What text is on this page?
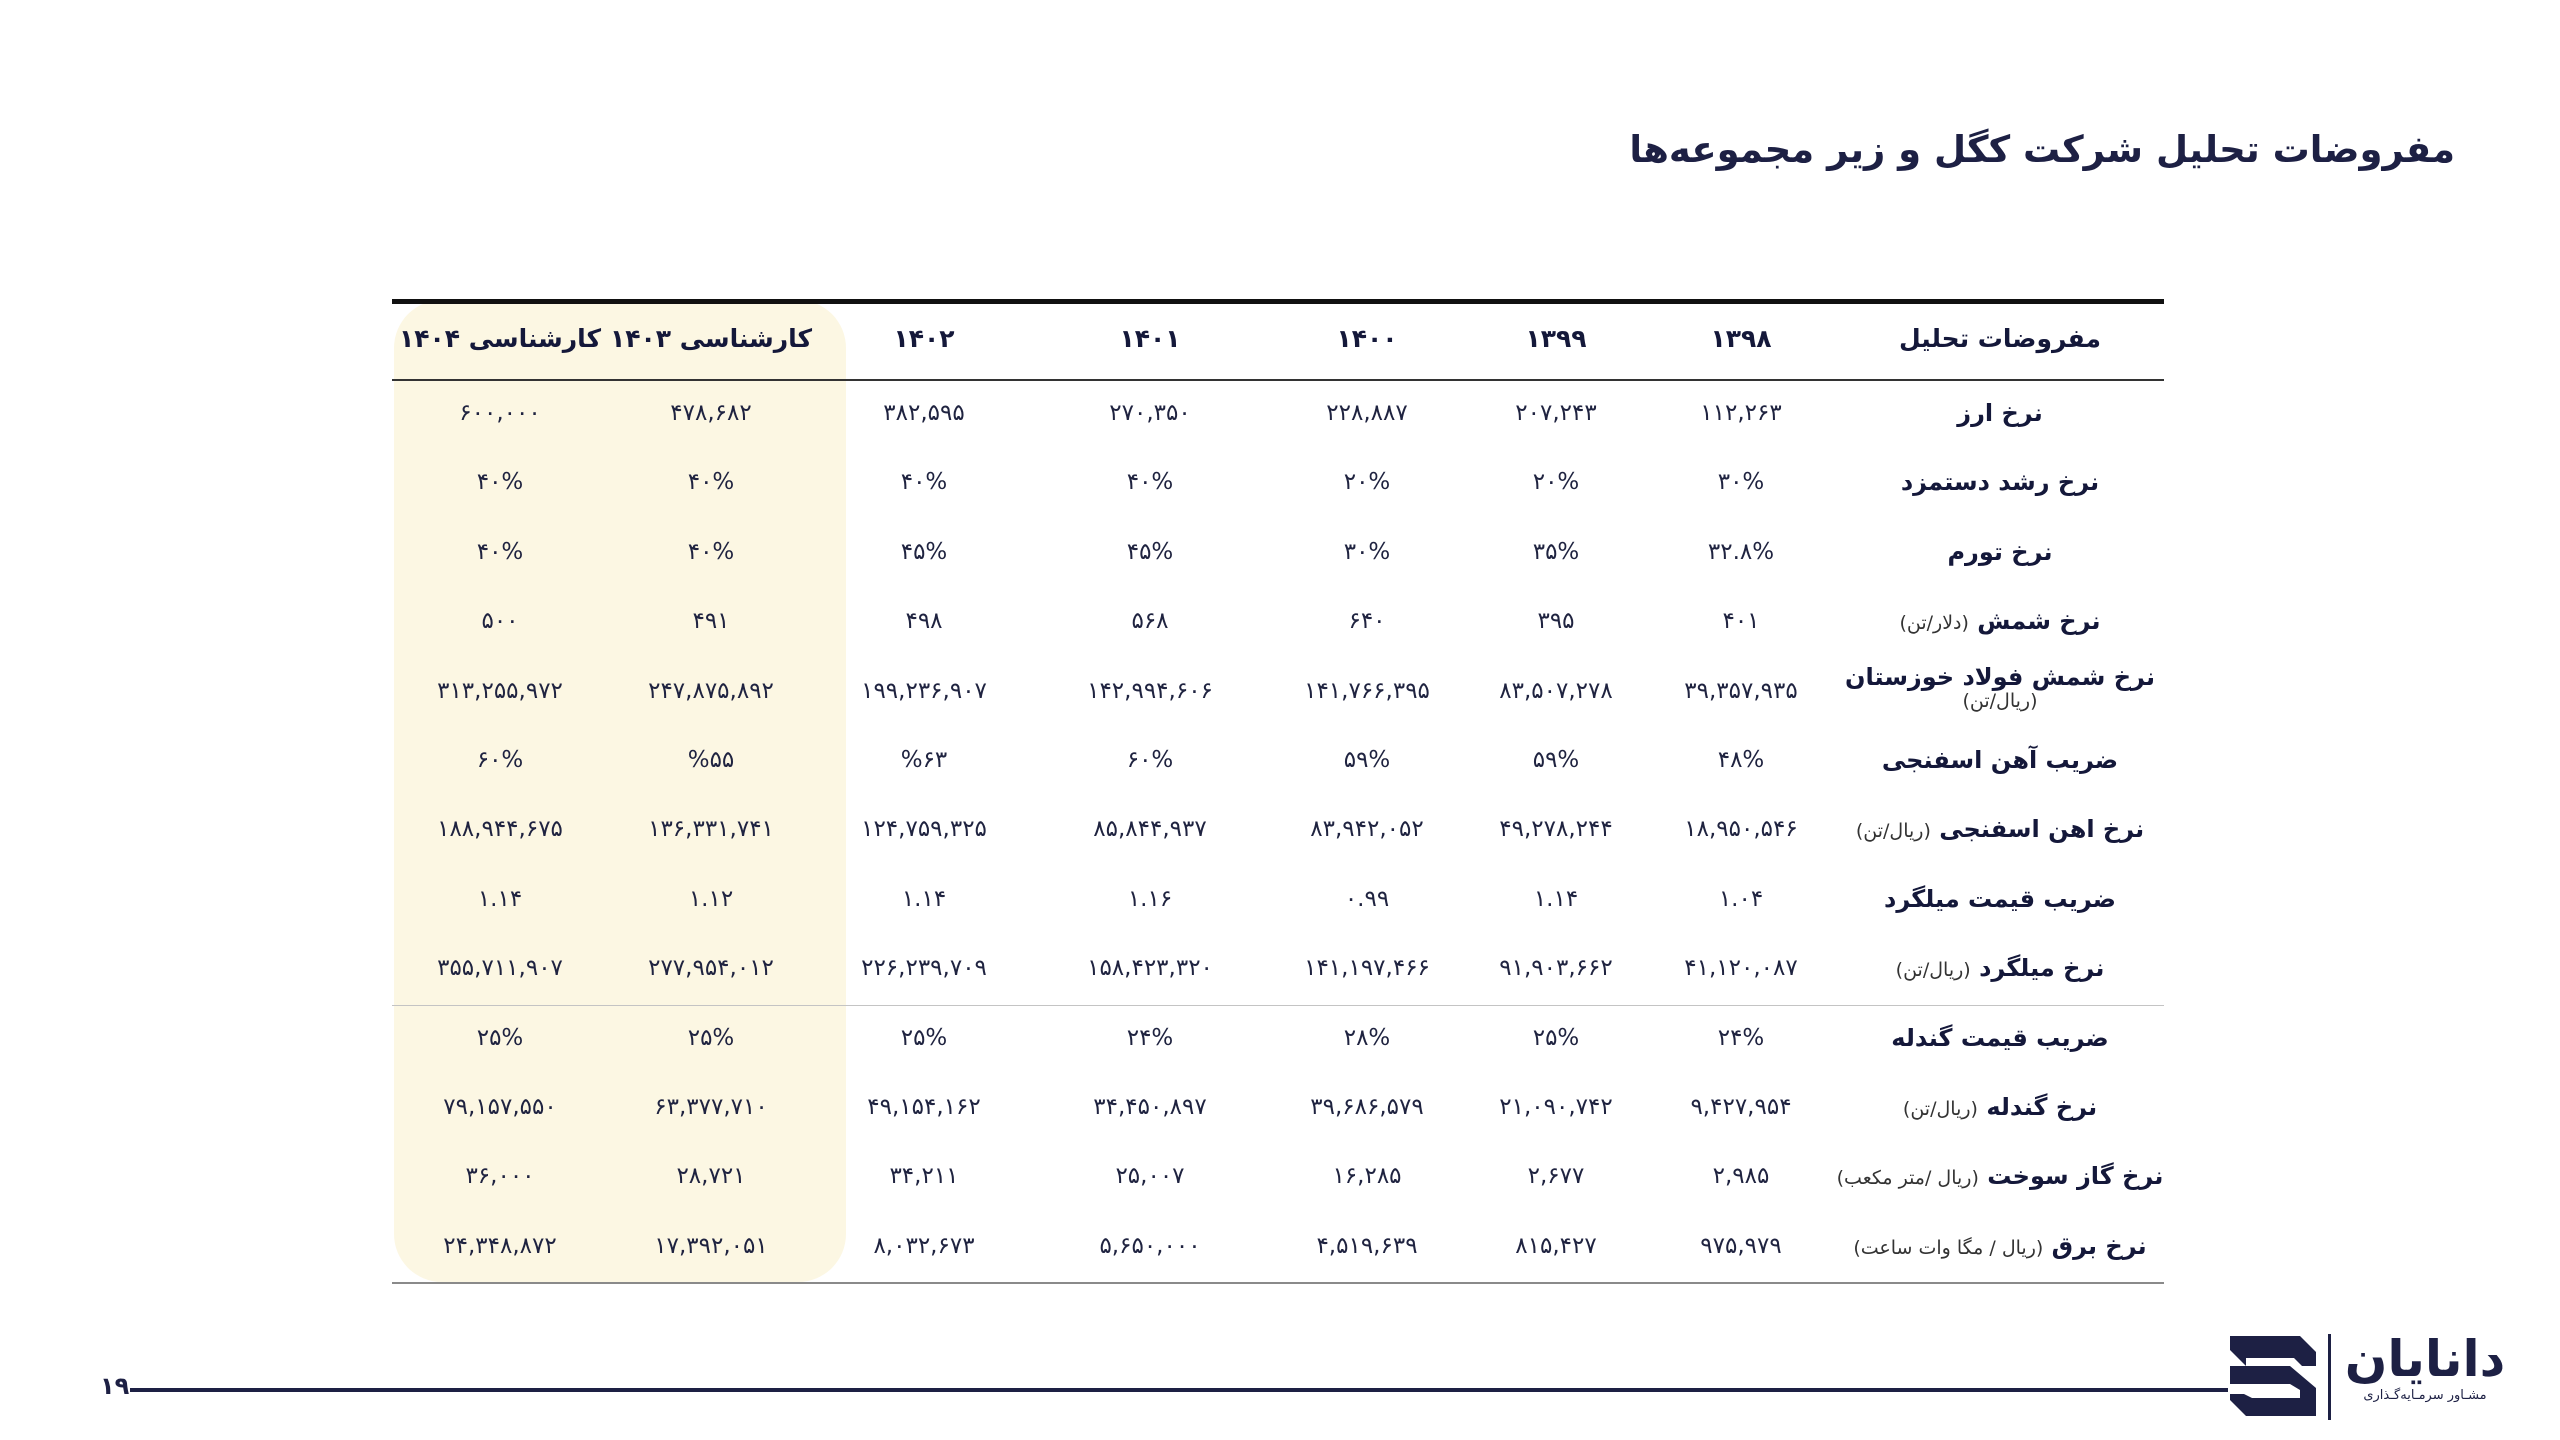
مفروضات تحلیل شرکت کگل و زیر مجموعه‌ها
مفروضات تحلیل
۱۳۹۸
۱۳۹۹
۱۴۰۰
۱۴۰۱
۱۴۰۲
کارشناسی ۱۴۰۳
کارشناسی ۱۴۰۴
نرخ ارز
۱۱۲,۲۶۳
۲۰۷,۲۴۳
۲۲۸,۸۸۷
۲۷۰,۳۵۰
۳۸۲,۵۹۵
۴۷۸,۶۸۲
۶۰۰,۰۰۰
نرخ رشد دستمزد
۳۰%
۲۰%
۲۰%
۴۰%
۴۰%
۴۰%
۴۰%
نرخ تورم
۳۲.۸%
۳۵%
۳۰%
۴۵%
۴۵%
۴۰%
۴۰%
نرخ شمش (دلار/تن)
۴۰۱
۳۹۵
۶۴۰
۵۶۸
۴۹۸
۴۹۱
۵۰۰
نرخ شمش فولاد خوزستان
(ریال/تن)
۳۹,۳۵۷,۹۳۵
۸۳,۵۰۷,۲۷۸
۱۴۱,۷۶۶,۳۹۵
۱۴۲,۹۹۴,۶۰۶
۱۹۹,۲۳۶,۹۰۷
۲۴۷,۸۷۵,۸۹۲
۳۱۳,۲۵۵,۹۷۲
ضریب آهن اسفنجی
۴۸%
۵۹%
۵۹%
۶۰%
%۶۳
%۵۵
۶۰%
نرخ اهن اسفنجی (ریال/تن)
۱۸,۹۵۰,۵۴۶
۴۹,۲۷۸,۲۴۴
۸۳,۹۴۲,۰۵۲
۸۵,۸۴۴,۹۳۷
۱۲۴,۷۵۹,۳۲۵
۱۳۶,۳۳۱,۷۴۱
۱۸۸,۹۴۴,۶۷۵
ضریب قیمت میلگرد
۱.۰۴
۱.۱۴
۰.۹۹
۱.۱۶
۱.۱۴
۱.۱۲
۱.۱۴
نرخ میلگرد (ریال/تن)
۴۱,۱۲۰,۰۸۷
۹۱,۹۰۳,۶۶۲
۱۴۱,۱۹۷,۴۶۶
۱۵۸,۴۲۳,۳۲۰
۲۲۶,۲۳۹,۷۰۹
۲۷۷,۹۵۴,۰۱۲
۳۵۵,۷۱۱,۹۰۷
ضریب قیمت گندله
۲۴%
۲۵%
۲۸%
۲۴%
۲۵%
۲۵%
۲۵%
نرخ گندله (ریال/تن)
۹,۴۲۷,۹۵۴
۲۱,۰۹۰,۷۴۲
۳۹,۶۸۶,۵۷۹
۳۴,۴۵۰,۸۹۷
۴۹,۱۵۴,۱۶۲
۶۳,۳۷۷,۷۱۰
۷۹,۱۵۷,۵۵۰
نرخ گاز سوخت (ریال /متر مکعب)
۲,۹۸۵
۲,۶۷۷
۱۶,۲۸۵
۲۵,۰۰۷
۳۴,۲۱۱
۲۸,۷۲۱
۳۶,۰۰۰
نرخ برق (ریال / مگا وات ساعت)
۹۷۵,۹۷۹
۸۱۵,۴۲۷
۴,۵۱۹,۶۳۹
۵,۶۵۰,۰۰۰
۸,۰۳۲,۶۷۳
۱۷,۳۹۲,۰۵۱
۲۴,۳۴۸,۸۷۲
۱۹	دانایان
مشـاور سرمـایه‌گـذاری
